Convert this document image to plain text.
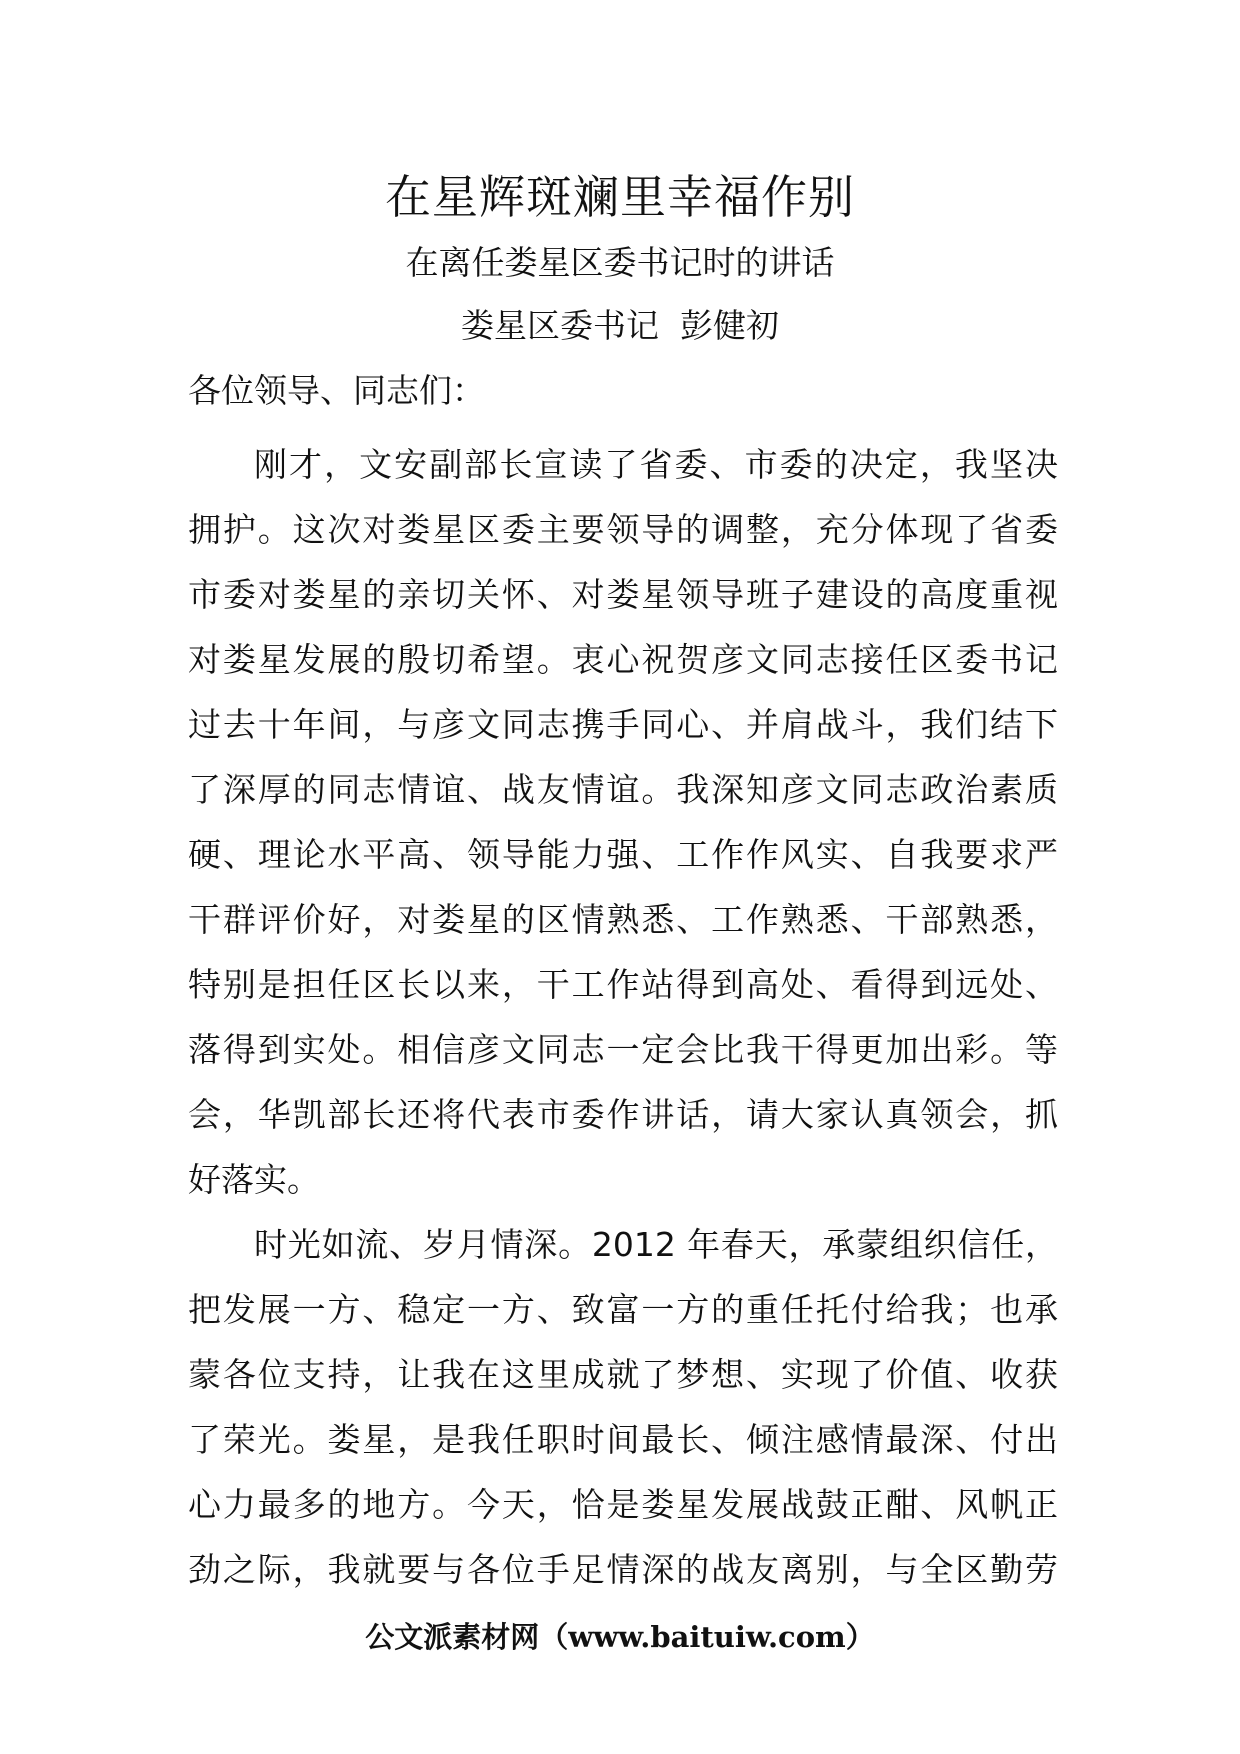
在星辉斑斓里幸福作别
在离任娄星区委书记时的讲话
娄星区委书记  彭健初
各位领导、同志们：
刚才，文安副部长宣读了省委、市委的决定，我坚决
拥护。这次对娄星区委主要领导的调整，充分体现了省委
市委对娄星的亲切关怀、对娄星领导班子建设的高度重视
对娄星发展的殷切希望。衷心祝贺彦文同志接任区委书记
过去十年间，与彦文同志携手同心、并肩战斗，我们结下
了深厚的同志情谊、战友情谊。我深知彦文同志政治素质
硬、理论水平高、领导能力强、工作作风实、自我要求严
干群评价好，对娄星的区情熟悉、工作熟悉、干部熟悉，
特别是担任区长以来，干工作站得到高处、看得到远处、
落得到实处。相信彦文同志一定会比我干得更加出彩。等
会，华凯部长还将代表市委作讲话，请大家认真领会，抓
好落实。
时光如流、岁月情深。2012 年春天，承蒙组织信任，
把发展一方、稳定一方、致富一方的重任托付给我；也承
蒙各位支持，让我在这里成就了梦想、实现了价值、收获
了荣光。娄星，是我任职时间最长、倾注感情最深、付出
心力最多的地方。今天，恰是娄星发展战鼓正酣、风帆正
劲之际，我就要与各位手足情深的战友离别，与全区勤劳
公文派素材网（www.baituiw.com）
